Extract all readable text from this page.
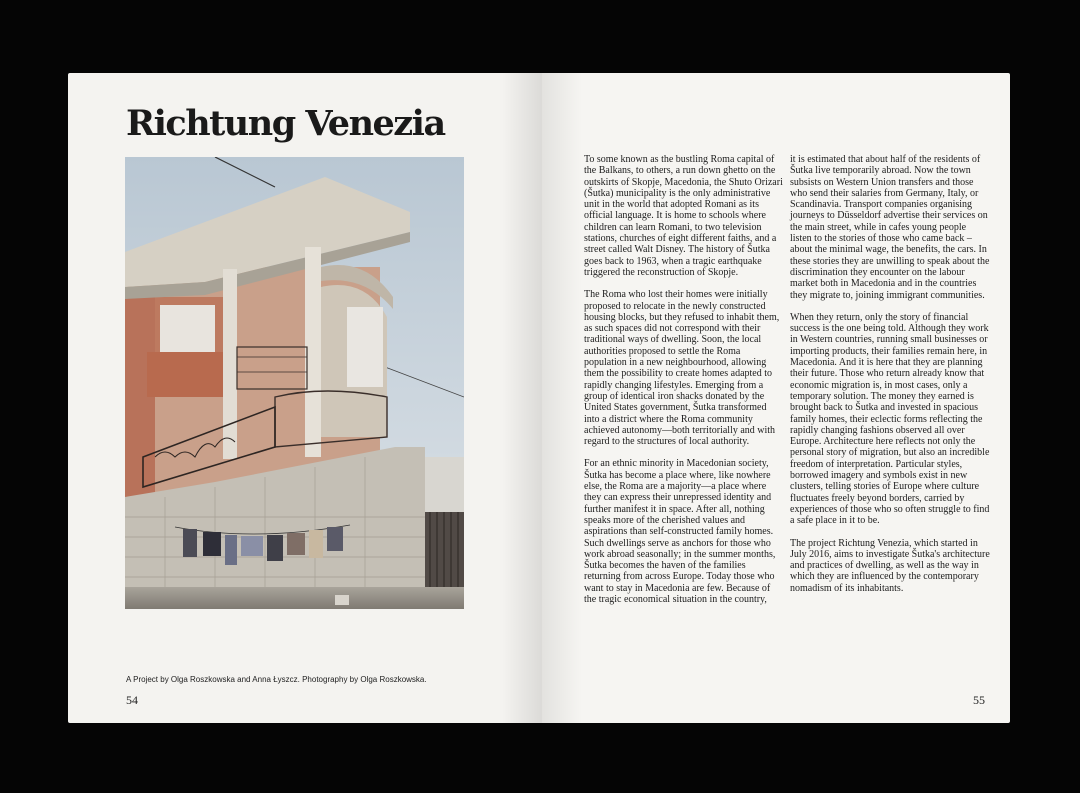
Richtung Venezia
A Project by Olga Roszkowska and Anna Łyszcz. Photography by Olga Roszkowska.
54

To some known as the bustling Roma capital of the Balkans, to others, a run down ghetto on the outskirts of Skopje, Macedonia, the Shuto Orizari (Šutka) municipality is the only administrative unit in the world that adopted Romani as its official language. It is home to schools where children can learn Romani, to two television stations, churches of eight different faiths, and a street called Walt Disney. The history of Šutka goes back to 1963, when a tragic earthquake triggered the reconstruction of Skopje.

The Roma who lost their homes were initially proposed to relocate in the newly constructed housing blocks, but they refused to inhabit them, as such spaces did not correspond with their traditional ways of dwelling. Soon, the local authorities proposed to settle the Roma population in a new neighbourhood, allowing them the possibility to create homes adapted to rapidly changing lifestyles. Emerging from a group of identical iron shacks donated by the United States government, Šutka transformed into a district where the Roma community achieved autonomy—both territorially and with regard to the structures of local authority.

For an ethnic minority in Macedonian society, Šutka has become a place where, like nowhere else, the Roma are a majority—a place where they can express their unrepressed identity and further manifest it in space. After all, nothing speaks more of the cherished values and aspirations than self-constructed family homes. Such dwellings serve as anchors for those who work abroad seasonally; in the summer months, Šutka becomes the haven of the families returning from across Europe. Today those who want to stay in Macedonia are few. Because of the tragic economical situation in the country,

it is estimated that about half of the residents of Šutka live temporarily abroad. Now the town subsists on Western Union transfers and those who send their salaries from Germany, Italy, or Scandinavia. Transport companies organising journeys to Düsseldorf advertise their services on the main street, while in cafes young people listen to the stories of those who came back – about the minimal wage, the benefits, the cars. In these stories they are unwilling to speak about the discrimination they encounter on the labour market both in Macedonia and in the countries they migrate to, joining immigrant communities.

When they return, only the story of financial success is the one being told. Although they work in Western countries, running small businesses or importing products, their families remain here, in Macedonia. And it is here that they are planning their future. Those who return already know that economic migration is, in most cases, only a temporary solution. The money they earned is brought back to Šutka and invested in spacious family homes, their eclectic forms reflecting the rapidly changing fashions observed all over Europe. Architecture here reflects not only the personal story of migration, but also an incredible freedom of interpretation. Particular styles, borrowed imagery and symbols exist in new clusters, telling stories of Europe where culture fluctuates freely beyond borders, carried by experiences of those who so often struggle to find a safe place in it to be.

The project Richtung Venezia, which started in July 2016, aims to investigate Šutka's architecture and practices of dwelling, as well as the way in which they are influenced by the contemporary nomadism of its inhabitants.

55
